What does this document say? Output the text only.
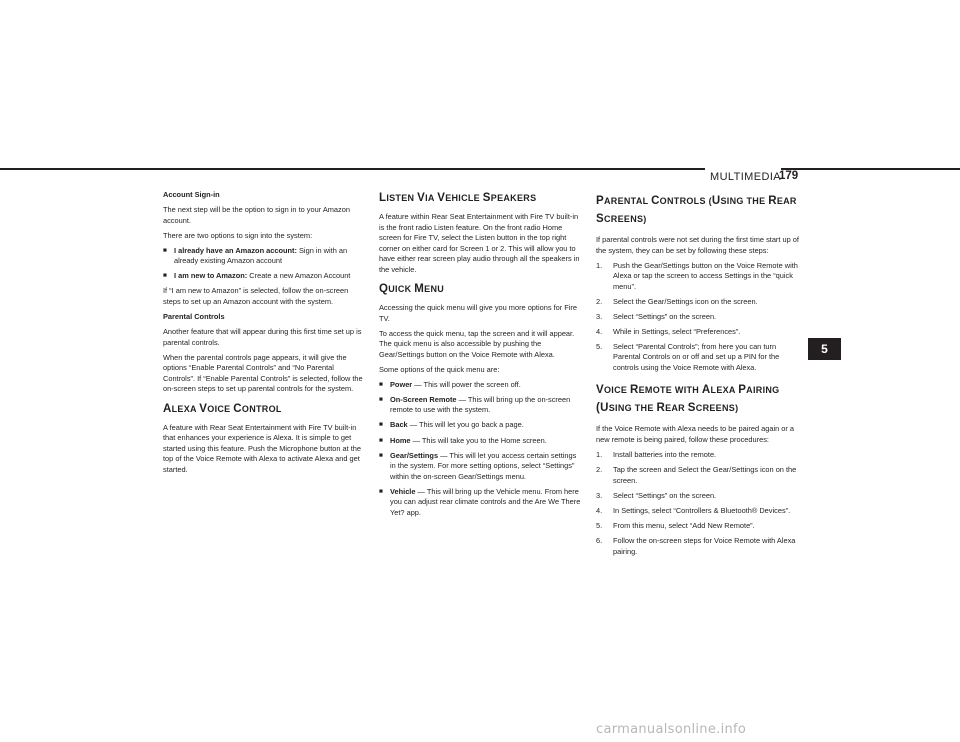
MULTIMEDIA
179
5

Account Sign-in

The next step will be the option to sign in to your Amazon account.

There are two options to sign into the system:

■ I already have an Amazon account: Sign in with an already existing Amazon account
■ I am new to Amazon: Create a new Amazon Account

If “I am new to Amazon” is selected, follow the on-screen steps to set up an Amazon account with the system.

Parental Controls

Another feature that will appear during this first time set up is parental controls.

When the parental controls page appears, it will give the options “Enable Parental Controls” and “No Parental Controls”. If “Enable Parental Controls” is selected, follow the on-screen steps to set up parental controls for the system.

ALEXA VOICE CONTROL

A feature with Rear Seat Entertainment with Fire TV built-in that enhances your experience is Alexa. It is simple to get started using this feature. Push the Microphone button at the top of the Voice Remote with Alexa to activate Alexa and get started.

LISTEN VIA VEHICLE SPEAKERS

A feature within Rear Seat Entertainment with Fire TV built-in is the front radio Listen feature. On the front radio Home screen for Fire TV, select the Listen button in the top right corner on either card for Screen 1 or 2. This will allow you to have either rear screen play audio through all the speakers in the vehicle.

QUICK MENU

Accessing the quick menu will give you more options for Fire TV.

To access the quick menu, tap the screen and it will appear. The quick menu is also accessible by pushing the Gear/Settings button on the Voice Remote with Alexa.

Some options of the quick menu are:

■ Power — This will power the screen off.
■ On-Screen Remote — This will bring up the on-screen remote to use with the system.
■ Back — This will let you go back a page.
■ Home — This will take you to the Home screen.
■ Gear/Settings — This will let you access certain settings in the system. For more setting options, select “Settings” within the on-screen Gear/Settings menu.
■ Vehicle — This will bring up the Vehicle menu. From here you can adjust rear climate controls and the Are We There Yet? app.
PARENTAL CONTROLS (USING THE REAR
SCREENS)

If parental controls were not set during the first time start up of the system, they can be set by following these steps:

1. Push the Gear/Settings button on the Voice Remote with Alexa or tap the screen to access Settings in the “quick menu”.
2. Select the Gear/Settings icon on the screen.
3. Select “Settings” on the screen.
4. While in Settings, select “Preferences”.
5. Select “Parental Controls”; from here you can turn Parental Controls on or off and set up a PIN for the controls using the Voice Remote with Alexa.
VOICE REMOTE WITH ALEXA PAIRING
(USING THE REAR SCREENS)

If the Voice Remote with Alexa needs to be paired again or a new remote is being paired, follow these procedures:

1. Install batteries into the remote.
2. Tap the screen and Select the Gear/Settings icon on the screen.
3. Select “Settings” on the screen.
4. In Settings, select “Controllers & Bluetooth® Devices”.
5. From this menu, select “Add New Remote”.
6. Follow the on-screen steps for Voice Remote with Alexa pairing.
carmanualsonline.info
